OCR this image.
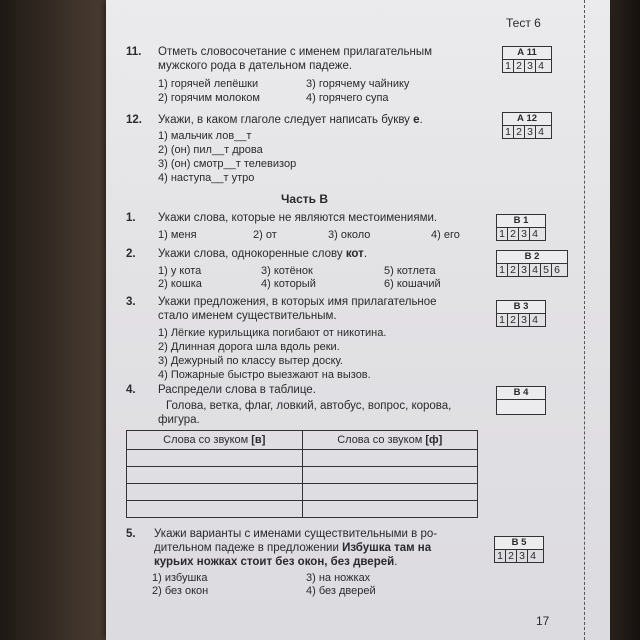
Тест 6
11. Отметь словосочетание с именем прилагательным
мужского рода в дательном падеже.
1) горячей лепёшки	3) горячему чайнику
2) горячим молоком	4) горячего супа
12. Укажи, в каком глаголе следует написать букву е.
1) мальчик лов__т
2) (он) пил__т дрова
3) (он) смотр__т телевизор
4) наступа__т утро
Часть В
1. Укажи слова, которые не являются местоимениями.
1) меня	2) от	3) около	4) его
2. Укажи слова, однокоренные слову кот.
1) у кота	3) котёнок	5) котлета
2) кошка	4) который	6) кошачий
3. Укажи предложения, в которых имя прилагательное
стало именем существительным.
1) Лёгкие курильщика погибают от никотина.
2) Длинная дорога шла вдоль реки.
3) Дежурный по классу вытер доску.
4) Пожарные быстро выезжают на вызов.
4. Распредели слова в таблице.
Голова, ветка, флаг, ловкий, автобус, вопрос, корова,
фигура.
Слова со звуком [в]	Слова со звуком [ф]

5. Укажи варианты с именами существительными в ро-
дительном падеже в предложении Избушка там на
курьих ножках стоит без окон, без дверей.
1) избушка	3) на ножках
2) без окон	4) без дверей
А 11
1 2 3 4
А 12
1 2 3 4
В 1
1 2 3 4
В 2
1 2 3 4 5 6
В 3
1 2 3 4
В 4
В 5
1 2 3 4
17
